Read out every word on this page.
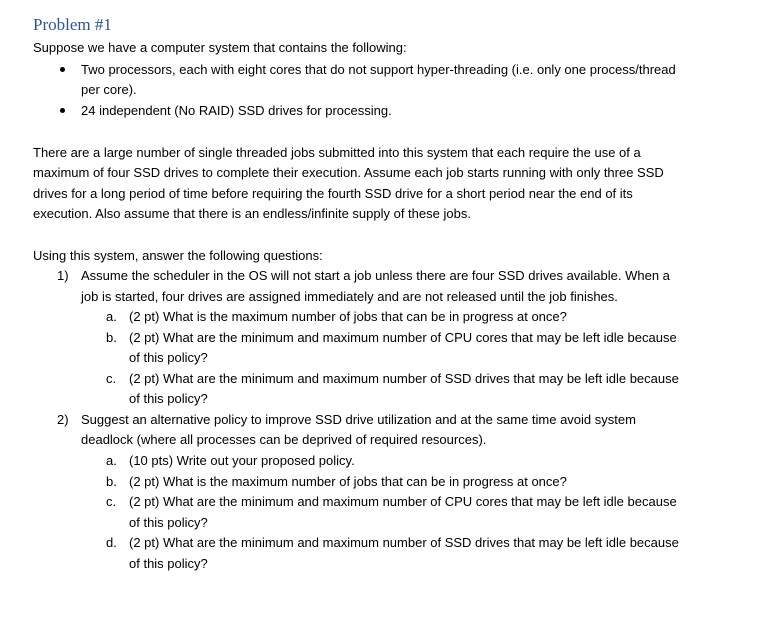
Problem #1
Suppose we have a computer system that contains the following:
Two processors, each with eight cores that do not support hyper-threading (i.e. only one process/thread
per core).
24 independent (No RAID) SSD drives for processing.
There are a large number of single threaded jobs submitted into this system that each require the use of a
maximum of four SSD drives to complete their execution. Assume each job starts running with only three SSD
drives for a long period of time before requiring the fourth SSD drive for a short period near the end of its
execution. Also assume that there is an endless/infinite supply of these jobs.
Using this system, answer the following questions:
1) Assume the scheduler in the OS will not start a job unless there are four SSD drives available. When a
job is started, four drives are assigned immediately and are not released until the job finishes.
a. (2 pt) What is the maximum number of jobs that can be in progress at once?
b. (2 pt) What are the minimum and maximum number of CPU cores that may be left idle because
of this policy?
c. (2 pt) What are the minimum and maximum number of SSD drives that may be left idle because
of this policy?
2) Suggest an alternative policy to improve SSD drive utilization and at the same time avoid system
deadlock (where all processes can be deprived of required resources).
a. (10 pts) Write out your proposed policy.
b. (2 pt) What is the maximum number of jobs that can be in progress at once?
c. (2 pt) What are the minimum and maximum number of CPU cores that may be left idle because
of this policy?
d. (2 pt) What are the minimum and maximum number of SSD drives that may be left idle because
of this policy?
